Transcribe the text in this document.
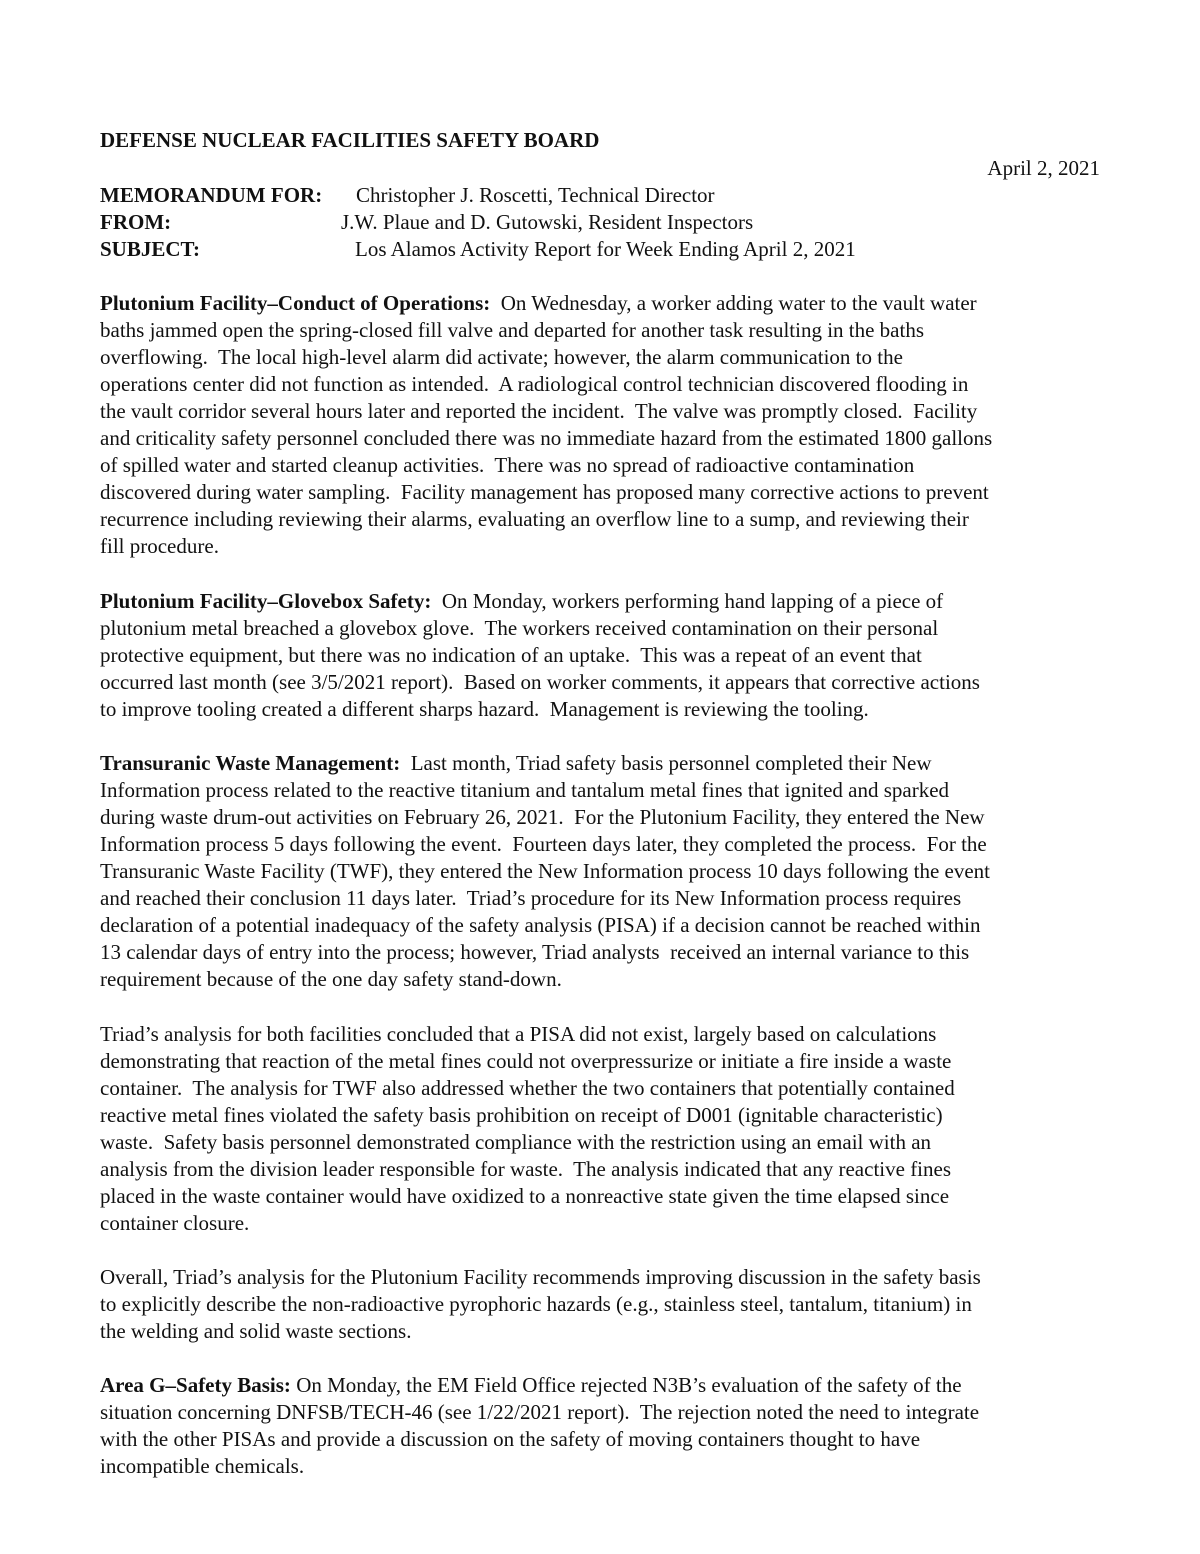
DEFENSE NUCLEAR FACILITIES SAFETY BOARD
April 2, 2021
MEMORANDUM FOR: Christopher J. Roscetti, Technical Director
FROM:	J.W. Plaue and D. Gutowski, Resident Inspectors
SUBJECT:	Los Alamos Activity Report for Week Ending April 2, 2021
Plutonium Facility–Conduct of Operations:  On Wednesday, a worker adding water to the vault water
baths jammed open the spring-closed fill valve and departed for another task resulting in the baths
overflowing.  The local high-level alarm did activate; however, the alarm communication to the
operations center did not function as intended.  A radiological control technician discovered flooding in
the vault corridor several hours later and reported the incident.  The valve was promptly closed.  Facility
and criticality safety personnel concluded there was no immediate hazard from the estimated 1800 gallons
of spilled water and started cleanup activities.  There was no spread of radioactive contamination
discovered during water sampling.  Facility management has proposed many corrective actions to prevent
recurrence including reviewing their alarms, evaluating an overflow line to a sump, and reviewing their
fill procedure.
Plutonium Facility–Glovebox Safety:  On Monday, workers performing hand lapping of a piece of
plutonium metal breached a glovebox glove.  The workers received contamination on their personal
protective equipment, but there was no indication of an uptake.  This was a repeat of an event that
occurred last month (see 3/5/2021 report).  Based on worker comments, it appears that corrective actions
to improve tooling created a different sharps hazard.  Management is reviewing the tooling.
Transuranic Waste Management:  Last month, Triad safety basis personnel completed their New
Information process related to the reactive titanium and tantalum metal fines that ignited and sparked
during waste drum-out activities on February 26, 2021.  For the Plutonium Facility, they entered the New
Information process 5 days following the event.  Fourteen days later, they completed the process.  For the
Transuranic Waste Facility (TWF), they entered the New Information process 10 days following the event
and reached their conclusion 11 days later.  Triad’s procedure for its New Information process requires
declaration of a potential inadequacy of the safety analysis (PISA) if a decision cannot be reached within
13 calendar days of entry into the process; however, Triad analysts  received an internal variance to this
requirement because of the one day safety stand-down.
Triad’s analysis for both facilities concluded that a PISA did not exist, largely based on calculations
demonstrating that reaction of the metal fines could not overpressurize or initiate a fire inside a waste
container.  The analysis for TWF also addressed whether the two containers that potentially contained
reactive metal fines violated the safety basis prohibition on receipt of D001 (ignitable characteristic)
waste.  Safety basis personnel demonstrated compliance with the restriction using an email with an
analysis from the division leader responsible for waste.  The analysis indicated that any reactive fines
placed in the waste container would have oxidized to a nonreactive state given the time elapsed since
container closure.
Overall, Triad’s analysis for the Plutonium Facility recommends improving discussion in the safety basis
to explicitly describe the non-radioactive pyrophoric hazards (e.g., stainless steel, tantalum, titanium) in
the welding and solid waste sections.
Area G–Safety Basis: On Monday, the EM Field Office rejected N3B’s evaluation of the safety of the
situation concerning DNFSB/TECH-46 (see 1/22/2021 report).  The rejection noted the need to integrate
with the other PISAs and provide a discussion on the safety of moving containers thought to have
incompatible chemicals.
